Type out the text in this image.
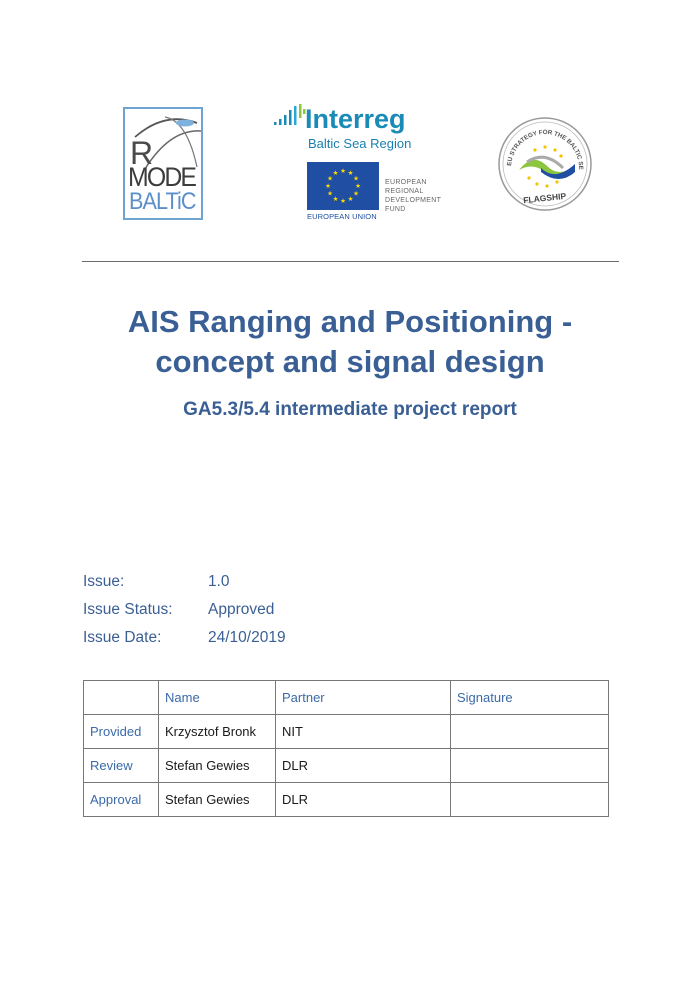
R
MODE
BALTiC
Interreg
Baltic Sea Region
★ ★
★
★
★
★
★
★
★
★
★
★
EUROPEAN UNION
EUROPEAN
REGIONAL
DEVELOPMENT
FUND
EU STRATEGY FOR THE BALTIC SE
FLAGSHIP
AIS Ranging and Positioning -
concept and signal design
GA5.3/5.4 intermediate project report
Issue:	1.0
Issue Status: Approved
Issue Date:	24/10/2019
	Name	Partner	Signature
Provided	Krzysztof Bronk	NIT	
Review	Stefan Gewies	DLR	
Approval	Stefan Gewies	DLR	
